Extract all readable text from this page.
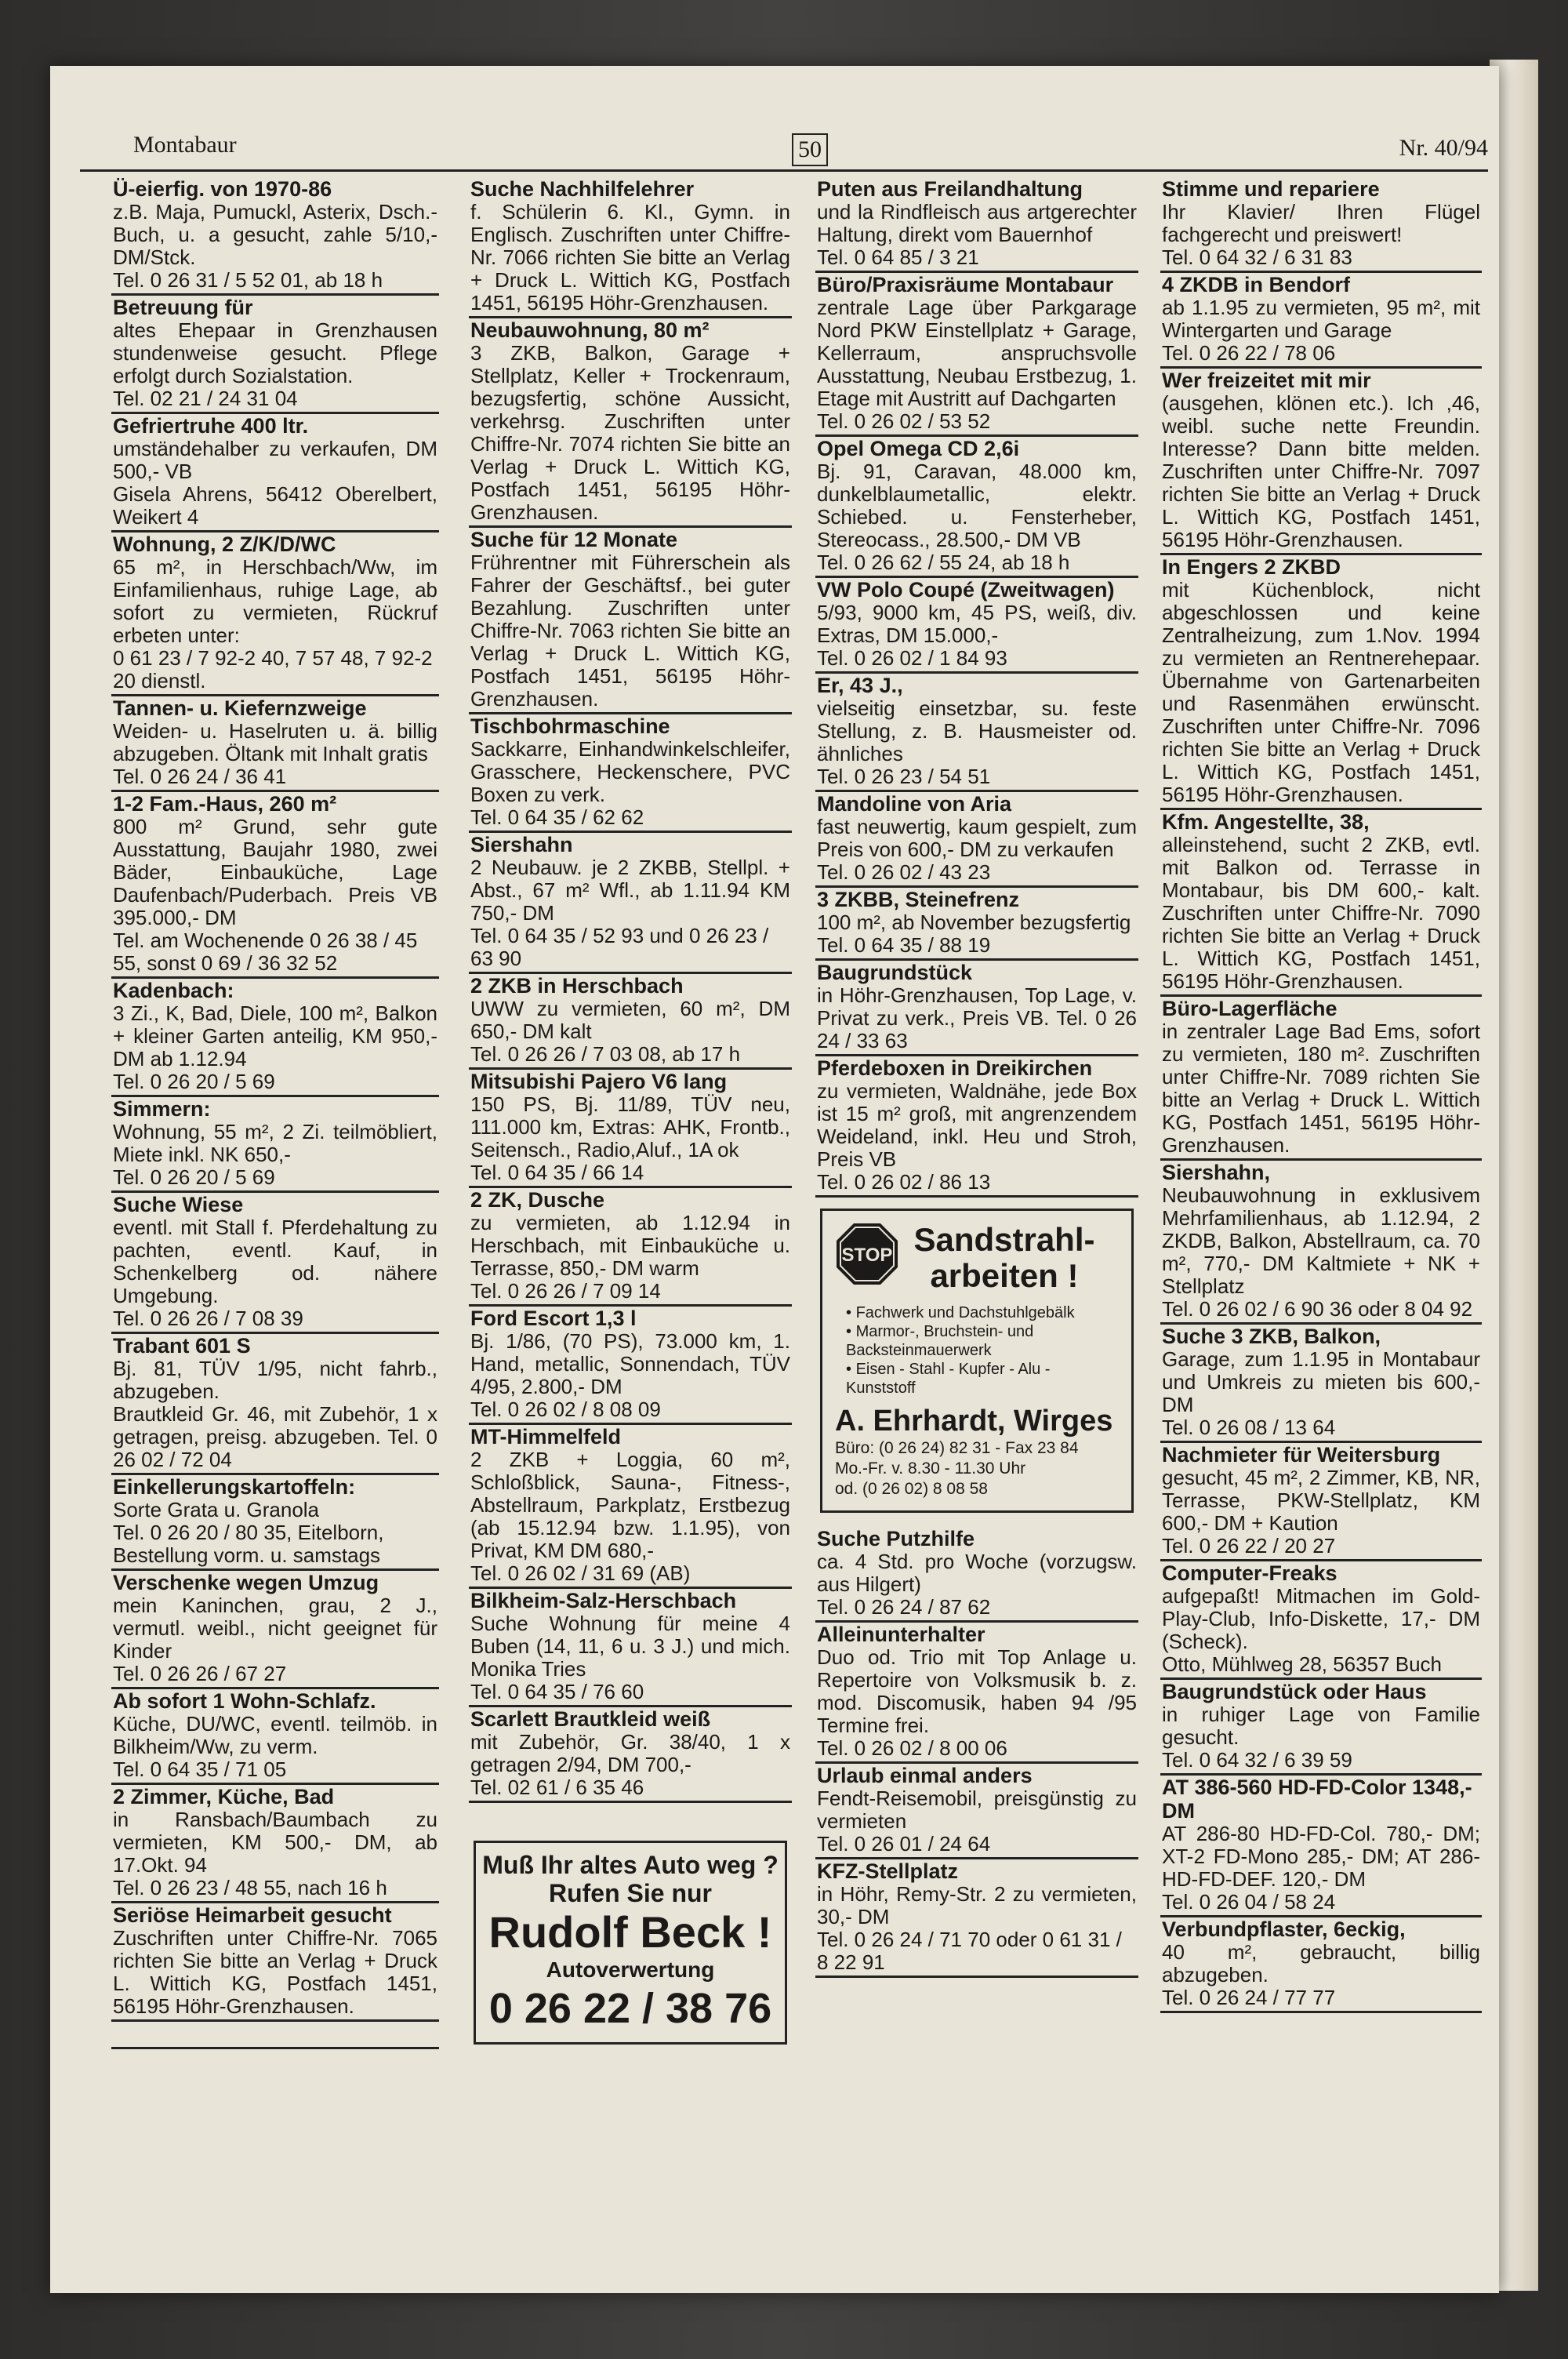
Montabaur	50	Nr. 40/94
Ü-eierfig. von 1970-86

z.B. Maja, Pumuckl, Asterix, Dsch.-Buch, u. a gesucht, zahle 5/10,- DM/Stck.

Tel. 0 26 31 / 5 52 01, ab 18 h

Betreuung für

altes Ehepaar in Grenzhausen stundenweise gesucht. Pflege erfolgt durch Sozialstation.

Tel. 02 21 / 24 31 04

Gefriertruhe 400 ltr.

umständehalber zu verkaufen, DM 500,- VB

Gisela Ahrens, 56412 Oberelbert, Weikert 4

Wohnung, 2 Z/K/D/WC

65 m², in Herschbach/Ww, im Einfamilienhaus, ruhige Lage, ab sofort zu vermieten, Rückruf erbeten unter:

0 61 23 / 7 92-2 40, 7 57 48, 7 92-2 20 dienstl.

Tannen- u. Kiefernzweige

Weiden- u. Haselruten u. ä. billig abzugeben. Öltank mit Inhalt gratis

Tel. 0 26 24 / 36 41

1-2 Fam.-Haus, 260 m²

800 m² Grund, sehr gute Ausstattung, Baujahr 1980, zwei Bäder, Einbauküche, Lage Daufenbach/Puderbach. Preis VB 395.000,- DM

Tel. am Wochenende 0 26 38 / 45 55, sonst 0 69 / 36 32 52

Kadenbach:

3 Zi., K, Bad, Diele, 100 m², Balkon + kleiner Garten anteilig, KM 950,- DM ab 1.12.94

Tel. 0 26 20 / 5 69

Simmern:

Wohnung, 55 m², 2 Zi. teilmöbliert, Miete inkl. NK 650,-

Tel. 0 26 20 / 5 69

Suche Wiese

eventl. mit Stall f. Pferdehaltung zu pachten, eventl. Kauf, in Schenkelberg od. nähere Umgebung.

Tel. 0 26 26 / 7 08 39

Trabant 601 S

Bj. 81, TÜV 1/95, nicht fahrb., abzugeben.

Brautkleid Gr. 46, mit Zubehör, 1 x getragen, preisg. abzugeben. Tel. 0 26 02 / 72 04

Einkellerungskartoffeln:

Sorte Grata u. Granola

Tel. 0 26 20 / 80 35, Eitelborn, Bestellung vorm. u. samstags

Verschenke wegen Umzug

mein Kaninchen, grau, 2 J., vermutl. weibl., nicht geeignet für Kinder

Tel. 0 26 26 / 67 27

Ab sofort 1 Wohn-Schlafz.

Küche, DU/WC, eventl. teilmöb. in Bilkheim/Ww, zu verm.

Tel. 0 64 35 / 71 05

2 Zimmer, Küche, Bad

in Ransbach/Baumbach zu vermieten, KM 500,- DM, ab 17.Okt. 94

Tel. 0 26 23 / 48 55, nach 16 h

Seriöse Heimarbeit gesucht

Zuschriften unter Chiffre-Nr. 7065 richten Sie bitte an Verlag + Druck L. Wittich KG, Postfach 1451, 56195 Höhr-Grenzhausen.

Suche Nachhilfelehrer

f. Schülerin 6. Kl., Gymn. in Englisch. Zuschriften unter Chiffre-Nr. 7066 richten Sie bitte an Verlag + Druck L. Wittich KG, Postfach 1451, 56195 Höhr-Grenzhausen.

Neubauwohnung, 80 m²

3 ZKB, Balkon, Garage + Stellplatz, Keller + Trockenraum, bezugsfertig, schöne Aussicht, verkehrsg. Zuschriften unter Chiffre-Nr. 7074 richten Sie bitte an Verlag + Druck L. Wittich KG, Postfach 1451, 56195 Höhr-Grenzhausen.

Suche für 12 Monate

Frührentner mit Führerschein als Fahrer der Geschäftsf., bei guter Bezahlung. Zuschriften unter Chiffre-Nr. 7063 richten Sie bitte an Verlag + Druck L. Wittich KG, Postfach 1451, 56195 Höhr-Grenzhausen.

Tischbohrmaschine

Sackkarre, Einhandwinkelschleifer, Grasschere, Heckenschere, PVC Boxen zu verk.

Tel. 0 64 35 / 62 62

Siershahn

2 Neubauw. je 2 ZKBB, Stellpl. + Abst., 67 m² Wfl., ab 1.11.94 KM 750,- DM

Tel. 0 64 35 / 52 93 und 0 26 23 / 63 90

2 ZKB in Herschbach

UWW zu vermieten, 60 m², DM 650,- DM kalt

Tel. 0 26 26 / 7 03 08, ab 17 h

Mitsubishi Pajero V6 lang

150 PS, Bj. 11/89, TÜV neu, 111.000 km, Extras: AHK, Frontb., Seitensch., Radio,Aluf., 1A ok

Tel. 0 64 35 / 66 14

2 ZK, Dusche

zu vermieten, ab 1.12.94 in Herschbach, mit Einbauküche u. Terrasse, 850,- DM warm

Tel. 0 26 26 / 7 09 14

Ford Escort 1,3 l

Bj. 1/86, (70 PS), 73.000 km, 1. Hand, metallic, Sonnendach, TÜV 4/95, 2.800,- DM

Tel. 0 26 02 / 8 08 09

MT-Himmelfeld

2 ZKB + Loggia, 60 m², Schloßblick, Sauna-, Fitness-, Abstellraum, Parkplatz, Erstbezug (ab 15.12.94 bzw. 1.1.95), von Privat, KM DM 680,-

Tel. 0 26 02 / 31 69 (AB)

Bilkheim-Salz-Herschbach

Suche Wohnung für meine 4 Buben (14, 11, 6 u. 3 J.) und mich. Monika Tries

Tel. 0 64 35 / 76 60

Scarlett Brautkleid weiß

mit Zubehör, Gr. 38/40, 1 x getragen 2/94, DM 700,-

Tel. 02 61 / 6 35 46

Muß Ihr altes Auto weg ?
Rufen Sie nur
Rudolf Beck !
Autoverwertung
0 26 22 / 38 76
Puten aus Freilandhaltung

und la Rindfleisch aus artgerechter Haltung, direkt vom Bauernhof

Tel. 0 64 85 / 3 21

Büro/Praxisräume Montabaur

zentrale Lage über Parkgarage Nord PKW Einstellplatz + Garage, Kellerraum, anspruchsvolle Ausstattung, Neubau Erstbezug, 1. Etage mit Austritt auf Dachgarten

Tel. 0 26 02 / 53 52

Opel Omega CD 2,6i

Bj. 91, Caravan, 48.000 km, dunkelblaumetallic, elektr. Schiebed. u. Fensterheber, Stereocass., 28.500,- DM VB

Tel. 0 26 62 / 55 24, ab 18 h

VW Polo Coupé (Zweitwagen)

5/93, 9000 km, 45 PS, weiß, div. Extras, DM 15.000,-

Tel. 0 26 02 / 1 84 93

Er, 43 J.,

vielseitig einsetzbar, su. feste Stellung, z. B. Hausmeister od. ähnliches

Tel. 0 26 23 / 54 51

Mandoline von Aria

fast neuwertig, kaum gespielt, zum Preis von 600,- DM zu verkaufen

Tel. 0 26 02 / 43 23

3 ZKBB, Steinefrenz

100 m², ab November bezugsfertig

Tel. 0 64 35 / 88 19

Baugrundstück

in Höhr-Grenzhausen, Top Lage, v. Privat zu verk., Preis VB. Tel. 0 26 24 / 33 63

Pferdeboxen in Dreikirchen

zu vermieten, Waldnähe, jede Box ist 15 m² groß, mit angrenzendem Weideland, inkl. Heu und Stroh, Preis VB

Tel. 0 26 02 / 86 13

STOP Sandstrahl-
arbeiten !
• Fachwerk und Dachstuhlgebälk
• Marmor-, Bruchstein- und Backsteinmauerwerk
• Eisen - Stahl - Kupfer - Alu - Kunststoff
A. Ehrhardt, Wirges
Büro: (0 26 24) 82 31 - Fax 23 84
Mo.-Fr. v. 8.30 - 11.30 Uhr
od. (0 26 02) 8 08 58
Suche Putzhilfe

ca. 4 Std. pro Woche (vorzugsw. aus Hilgert)

Tel. 0 26 24 / 87 62

Alleinunterhalter

Duo od. Trio mit Top Anlage u. Repertoire von Volksmusik b. z. mod. Discomusik, haben 94 /95 Termine frei.

Tel. 0 26 02 / 8 00 06

Urlaub einmal anders

Fendt-Reisemobil, preisgünstig zu vermieten

Tel. 0 26 01 / 24 64

KFZ-Stellplatz

in Höhr, Remy-Str. 2 zu vermieten, 30,- DM

Tel. 0 26 24 / 71 70 oder 0 61 31 / 8 22 91

Stimme und repariere

Ihr Klavier/ Ihren Flügel fachgerecht und preiswert!

Tel. 0 64 32 / 6 31 83

4 ZKDB in Bendorf

ab 1.1.95 zu vermieten, 95 m², mit Wintergarten und Garage

Tel. 0 26 22 / 78 06

Wer freizeitet mit mir

(ausgehen, klönen etc.). Ich ,46, weibl. suche nette Freundin. Interesse? Dann bitte melden. Zuschriften unter Chiffre-Nr. 7097 richten Sie bitte an Verlag + Druck L. Wittich KG, Postfach 1451, 56195 Höhr-Grenzhausen.

In Engers 2 ZKBD

mit Küchenblock, nicht abgeschlossen und keine Zentralheizung, zum 1.Nov. 1994 zu vermieten an Rentnerehepaar. Übernahme von Gartenarbeiten und Rasenmähen erwünscht. Zuschriften unter Chiffre-Nr. 7096 richten Sie bitte an Verlag + Druck L. Wittich KG, Postfach 1451, 56195 Höhr-Grenzhausen.

Kfm. Angestellte, 38,

alleinstehend, sucht 2 ZKB, evtl. mit Balkon od. Terrasse in Montabaur, bis DM 600,- kalt. Zuschriften unter Chiffre-Nr. 7090 richten Sie bitte an Verlag + Druck L. Wittich KG, Postfach 1451, 56195 Höhr-Grenzhausen.

Büro-Lagerfläche

in zentraler Lage Bad Ems, sofort zu vermieten, 180 m². Zuschriften unter Chiffre-Nr. 7089 richten Sie bitte an Verlag + Druck L. Wittich KG, Postfach 1451, 56195 Höhr-Grenzhausen.

Siershahn,

Neubauwohnung in exklusivem Mehrfamilienhaus, ab 1.12.94, 2 ZKDB, Balkon, Abstellraum, ca. 70 m², 770,- DM Kaltmiete + NK + Stellplatz

Tel. 0 26 02 / 6 90 36 oder 8 04 92

Suche 3 ZKB, Balkon,

Garage, zum 1.1.95 in Montabaur und Umkreis zu mieten bis 600,- DM

Tel. 0 26 08 / 13 64

Nachmieter für Weitersburg

gesucht, 45 m², 2 Zimmer, KB, NR, Terrasse, PKW-Stellplatz, KM 600,- DM + Kaution

Tel. 0 26 22 / 20 27

Computer-Freaks

aufgepaßt! Mitmachen im Gold-Play-Club, Info-Diskette, 17,- DM (Scheck).

Otto, Mühlweg 28, 56357 Buch

Baugrundstück oder Haus

in ruhiger Lage von Familie gesucht.

Tel. 0 64 32 / 6 39 59

AT 386-560 HD-FD-Color 1348,- DM

AT 286-80 HD-FD-Col. 780,- DM; XT-2 FD-Mono 285,- DM; AT 286-HD-FD-DEF. 120,- DM

Tel. 0 26 04 / 58 24

Verbundpflaster, 6eckig,

40 m², gebraucht, billig abzugeben.

Tel. 0 26 24 / 77 77
